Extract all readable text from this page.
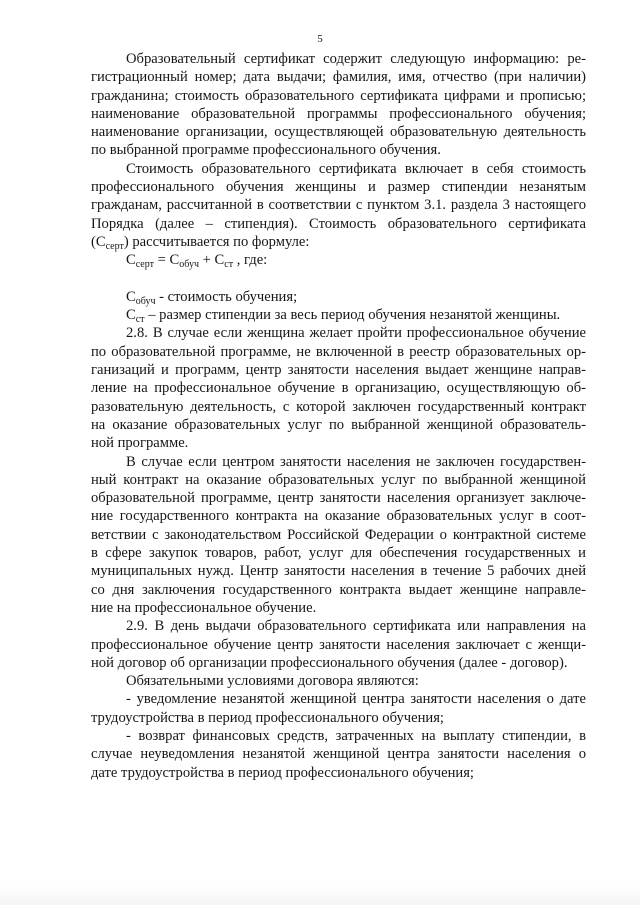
5
Образовательный сертификат содержит следующую информацию: ре-
гистрационный номер; дата выдачи; фамилия, имя, отчество (при наличии)
гражданина; стоимость образовательного сертификата цифрами и прописью;
наименование образовательной программы профессионального обучения;
наименование организации, осуществляющей образовательную деятельность
по выбранной программе профессионального обучения.
Стоимость образовательного сертификата включает в себя стоимость
профессионального обучения женщины и размер стипендии незанятым
гражданам, рассчитанной в соответствии с пунктом 3.1. раздела 3 настоящего
Порядка (далее – стипендия). Стоимость образовательного сертификата
$(С_{серт})$ рассчитывается по формуле:
$С_{серт} = С_{обуч} + С_{ст}$ , где:
$С_{обуч}$ - стоимость обучения;
$С_{ст}$ – размер стипендии за весь период обучения незанятой женщины.
2.8. В случае если женщина желает пройти профессиональное обучение
по образовательной программе, не включенной в реестр образовательных ор-
ганизаций и программ, центр занятости населения выдает женщине направ-
ление на профессиональное обучение в организацию, осуществляющую об-
разовательную деятельность, с которой заключен государственный контракт
на оказание образовательных услуг по выбранной женщиной образователь-
ной программе.
В случае если центром занятости населения не заключен государствен-
ный контракт на оказание образовательных услуг по выбранной женщиной
образовательной программе, центр занятости населения организует заключе-
ние государственного контракта на оказание образовательных услуг в соот-
ветствии с законодательством Российской Федерации о контрактной системе
в сфере закупок товаров, работ, услуг для обеспечения государственных и
муниципальных нужд. Центр занятости населения в течение 5 рабочих дней
со дня заключения государственного контракта выдает женщине направле-
ние на профессиональное обучение.
2.9. В день выдачи образовательного сертификата или направления на
профессиональное обучение центр занятости населения заключает с женщи-
ной договор об организации профессионального обучения (далее - договор).
Обязательными условиями договора являются:
- уведомление незанятой женщиной центра занятости населения о дате
трудоустройства в период профессионального обучения;
- возврат финансовых средств, затраченных на выплату стипендии, в
случае неуведомления незанятой женщиной центра занятости населения о
дате трудоустройства в период профессионального обучения;
